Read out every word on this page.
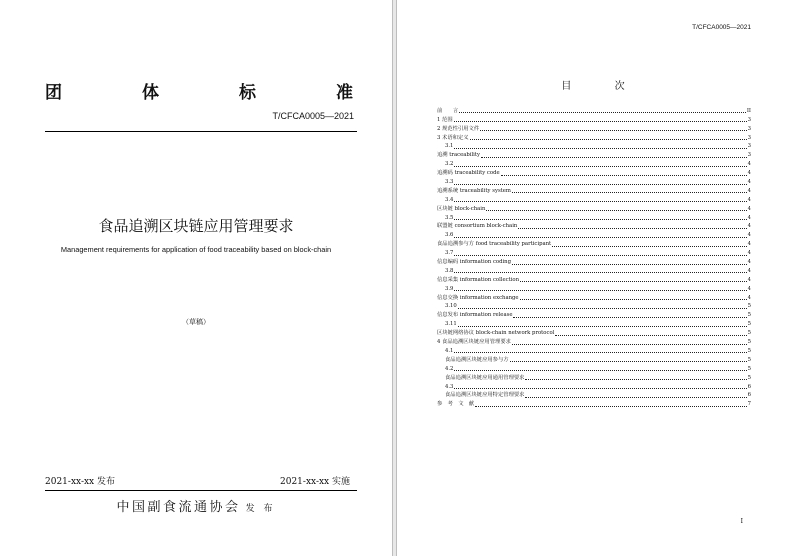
团	体	标	准
T/CFCA0005—2021
食品追溯区块链应用管理要求
Management requirements for application of food traceability based on block-chain
（草稿）
2021-xx-xx 发布	2021-xx-xx 实施
中国副食流通协会 发 布
T/CFCA0005—2021
目 次
前　　言	II
1 范围	3
2 规范性引用文件	3
3 术语和定义	3
3.1	3
追溯 traceability	3
3.2	4
追溯码 traceability code	4
3.3	4
追溯系统 traceability system	4
3.4	4
区块链 block-chain	4
3.5	4
联盟链 consortium block-chain	4
3.6	4
食品追溯参与方 food traceability participant	4
3.7	4
信息编码 information coding	4
3.8	4
信息采集 information collection	4
3.9	4
信息交换 information exchange	4
3.10	5
信息发布 information release	5
3.11	5
区块链网络协议 block-chain network protocol	5
4 食品追溯区块链应用管理要求	5
4.1	5
食品追溯区块链应用参与方	5
4.2	5
食品追溯区块链应用通用管理要求	5
4.3	6
食品追溯区块链应用特定管理要求	6
参　考　文　献	7
I
